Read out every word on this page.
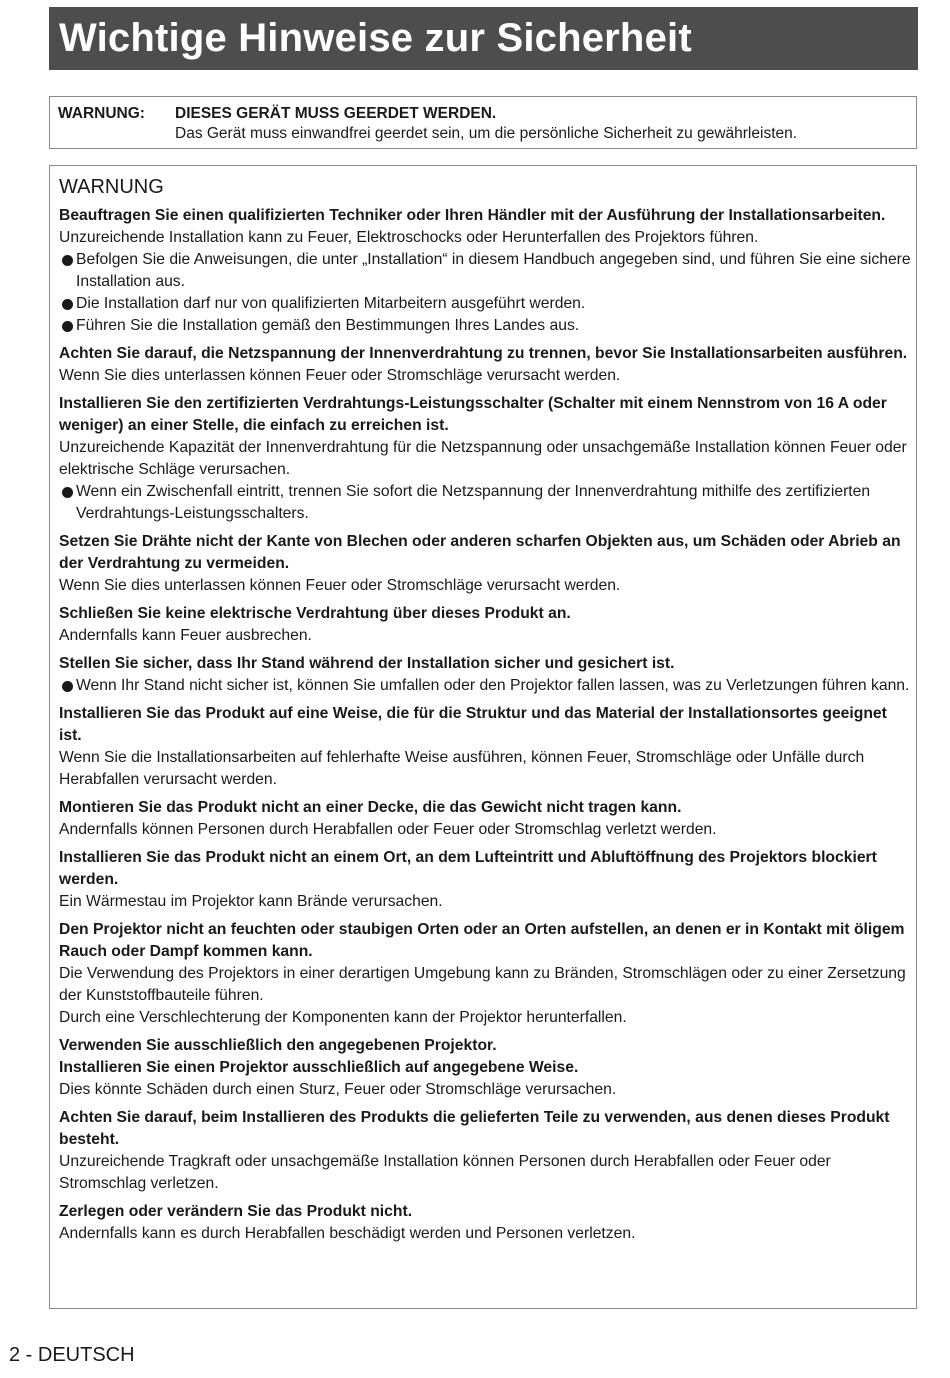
Wichtige Hinweise zur Sicherheit
WARNUNG: DIESES GERÄT MUSS GEERDET WERDEN.
Das Gerät muss einwandfrei geerdet sein, um die persönliche Sicherheit zu gewährleisten.
WARNUNG
Beauftragen Sie einen qualifizierten Techniker oder Ihren Händler mit der Ausführung der Installationsarbeiten.
Unzureichende Installation kann zu Feuer, Elektroschocks oder Herunterfallen des Projektors führen.
Befolgen Sie die Anweisungen, die unter „Installation“ in diesem Handbuch angegeben sind, und führen Sie eine sichere Installation aus.
Die Installation darf nur von qualifizierten Mitarbeitern ausgeführt werden.
Führen Sie die Installation gemäß den Bestimmungen Ihres Landes aus.
Achten Sie darauf, die Netzspannung der Innenverdrahtung zu trennen, bevor Sie Installationsarbeiten ausführen.
Wenn Sie dies unterlassen können Feuer oder Stromschläge verursacht werden.
Installieren Sie den zertifizierten Verdrahtungs-Leistungsschalter (Schalter mit einem Nennstrom von 16 A oder weniger) an einer Stelle, die einfach zu erreichen ist.
Unzureichende Kapazität der Innenverdrahtung für die Netzspannung oder unsachgemäße Installation können Feuer oder elektrische Schläge verursachen.
Wenn ein Zwischenfall eintritt, trennen Sie sofort die Netzspannung der Innenverdrahtung mithilfe des zertifizierten Verdrahtungs-Leistungsschalters.
Setzen Sie Drähte nicht der Kante von Blechen oder anderen scharfen Objekten aus, um Schäden oder Abrieb an der Verdrahtung zu vermeiden.
Wenn Sie dies unterlassen können Feuer oder Stromschläge verursacht werden.
Schließen Sie keine elektrische Verdrahtung über dieses Produkt an.
Andernfalls kann Feuer ausbrechen.
Stellen Sie sicher, dass Ihr Stand während der Installation sicher und gesichert ist.
Wenn Ihr Stand nicht sicher ist, können Sie umfallen oder den Projektor fallen lassen, was zu Verletzungen führen kann.
Installieren Sie das Produkt auf eine Weise, die für die Struktur und das Material der Installationsortes geeignet ist.
Wenn Sie die Installationsarbeiten auf fehlerhafte Weise ausführen, können Feuer, Stromschläge oder Unfälle durch Herabfallen verursacht werden.
Montieren Sie das Produkt nicht an einer Decke, die das Gewicht nicht tragen kann.
Andernfalls können Personen durch Herabfallen oder Feuer oder Stromschlag verletzt werden.
Installieren Sie das Produkt nicht an einem Ort, an dem Lufteintritt und Abluftöffnung des Projektors blockiert werden.
Ein Wärmestau im Projektor kann Brände verursachen.
Den Projektor nicht an feuchten oder staubigen Orten oder an Orten aufstellen, an denen er in Kontakt mit öligem Rauch oder Dampf kommen kann.
Die Verwendung des Projektors in einer derartigen Umgebung kann zu Bränden, Stromschlägen oder zu einer Zersetzung der Kunststoffbauteile führen.
Durch eine Verschlechterung der Komponenten kann der Projektor herunterfallen.
Verwenden Sie ausschließlich den angegebenen Projektor.
Installieren Sie einen Projektor ausschließlich auf angegebene Weise.
Dies könnte Schäden durch einen Sturz, Feuer oder Stromschläge verursachen.
Achten Sie darauf, beim Installieren des Produkts die gelieferten Teile zu verwenden, aus denen dieses Produkt besteht.
Unzureichende Tragkraft oder unsachgemäße Installation können Personen durch Herabfallen oder Feuer oder Stromschlag verletzen.
Zerlegen oder verändern Sie das Produkt nicht.
Andernfalls kann es durch Herabfallen beschädigt werden und Personen verletzen.
2 - DEUTSCH
